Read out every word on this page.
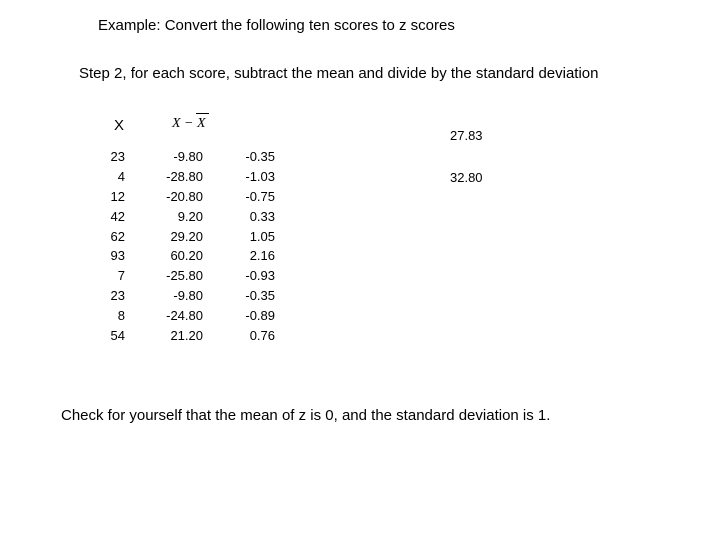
Example: Convert the following ten scores to z scores
Step 2, for each score, subtract the mean and divide by the standard deviation
X	X − X
23
4
12
42
62
93
7
23
8
54
-9.80
-28.80
-20.80
9.20
29.20
60.20
-25.80
-9.80
-24.80
21.20
-0.35
-1.03
-0.75
0.33
1.05
2.16
-0.93
-0.35
-0.89
0.76
27.83
32.80
Check for yourself that the mean of z is 0, and the standard deviation is 1.
